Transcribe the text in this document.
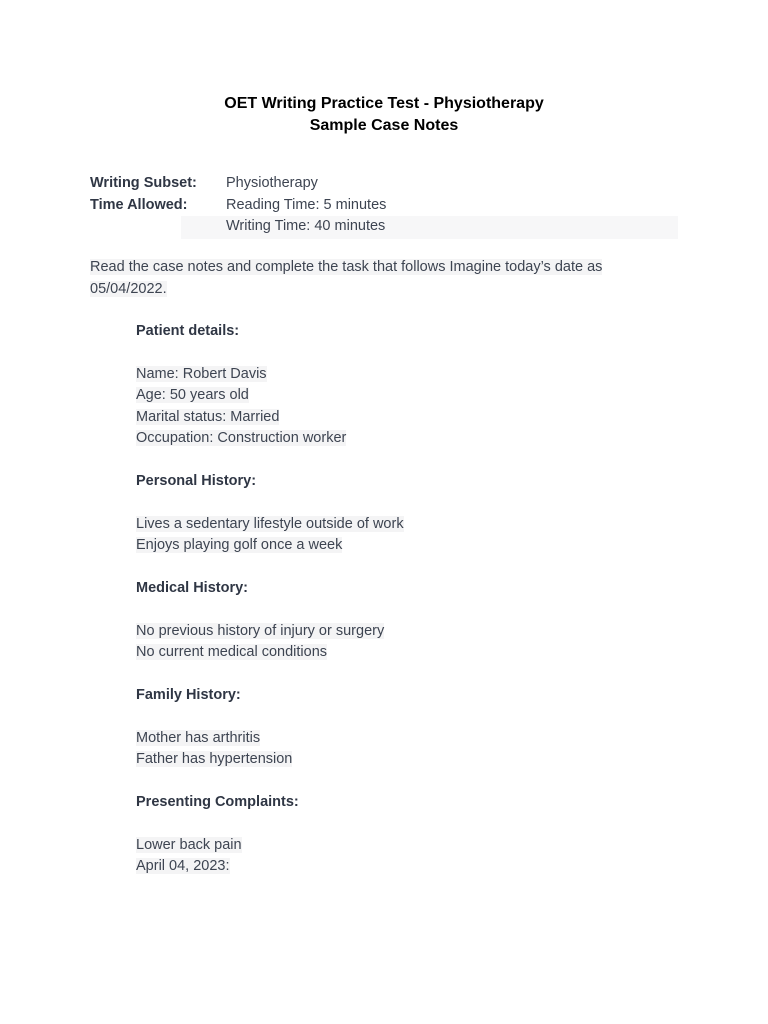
OET Writing Practice Test - Physiotherapy
Sample Case Notes
Writing Subset: Physiotherapy
Time Allowed:	Reading Time: 5 minutes
Writing Time: 40 minutes
Read the case notes and complete the task that follows Imagine today’s date as 05/04/2022.
Patient details:
Name: Robert Davis
Age: 50 years old
Marital status: Married
Occupation: Construction worker
Personal History:
Lives a sedentary lifestyle outside of work
Enjoys playing golf once a week
Medical History:
No previous history of injury or surgery
No current medical conditions
Family History:
Mother has arthritis
Father has hypertension
Presenting Complaints:
Lower back pain
April 04, 2023:
